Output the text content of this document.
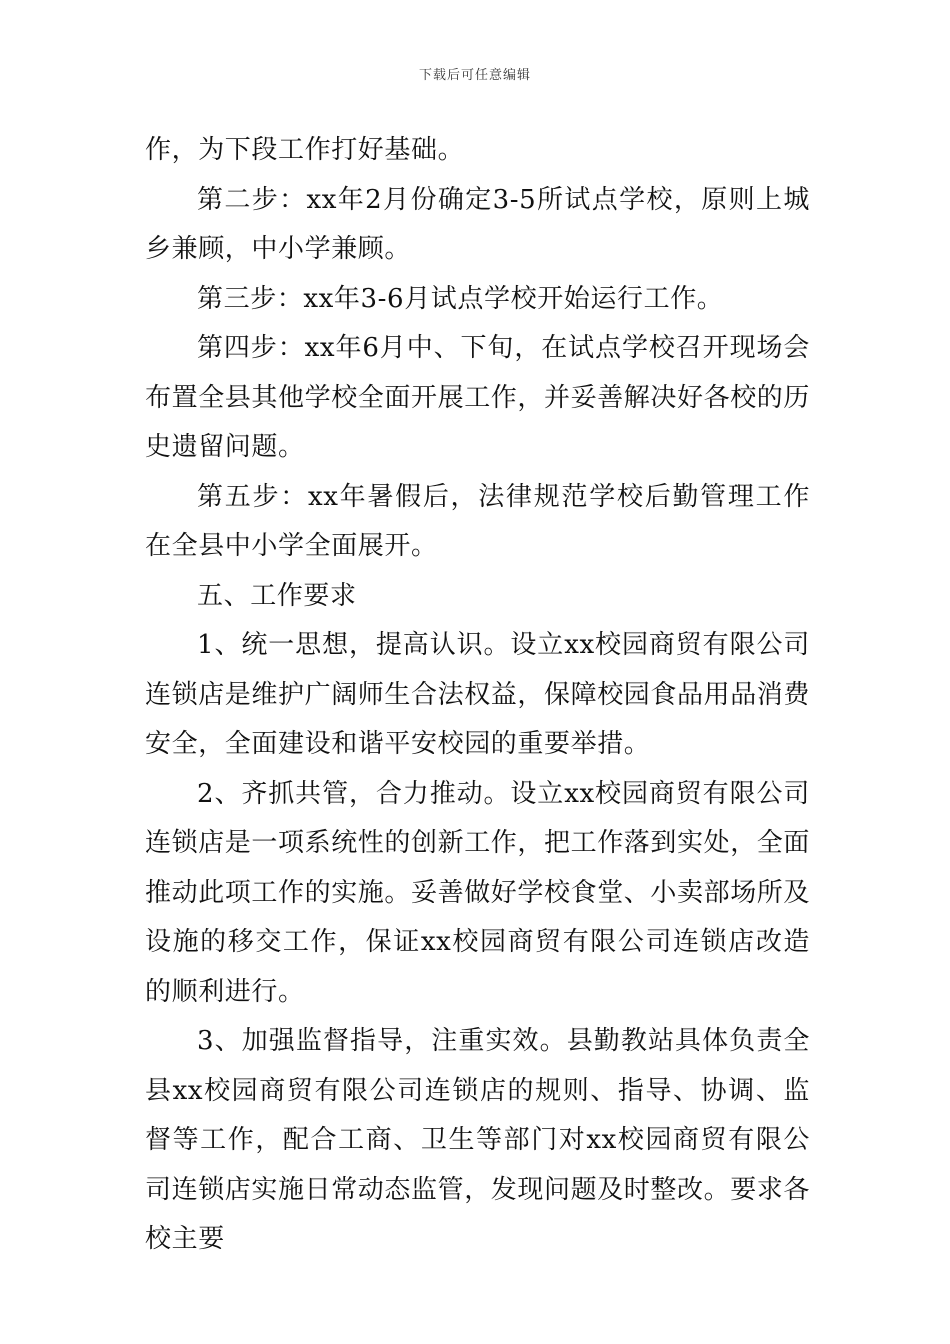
下载后可任意编辑

作，为下段工作打好基础。

第二步：xx年2月份确定3-5所试点学校，原则上城乡兼顾，中小学兼顾。

第三步：xx年3-6月试点学校开始运行工作。

第四步：xx年6月中、下旬，在试点学校召开现场会布置全县其他学校全面开展工作，并妥善解决好各校的历史遗留问题。

第五步：xx年暑假后，法律规范学校后勤管理工作在全县中小学全面展开。

五、工作要求

1、统一思想，提高认识。设立xx校园商贸有限公司连锁店是维护广阔师生合法权益，保障校园食品用品消费安全，全面建设和谐平安校园的重要举措。

2、齐抓共管，合力推动。设立xx校园商贸有限公司连锁店是一项系统性的创新工作，把工作落到实处，全面推动此项工作的实施。妥善做好学校食堂、小卖部场所及设施的移交工作，保证xx校园商贸有限公司连锁店改造的顺利进行。

3、加强监督指导，注重实效。县勤教站具体负责全县xx校园商贸有限公司连锁店的规则、指导、协调、监督等工作，配合工商、卫生等部门对xx校园商贸有限公司连锁店实施日常动态监管，发现问题及时整改。要求各校主要
